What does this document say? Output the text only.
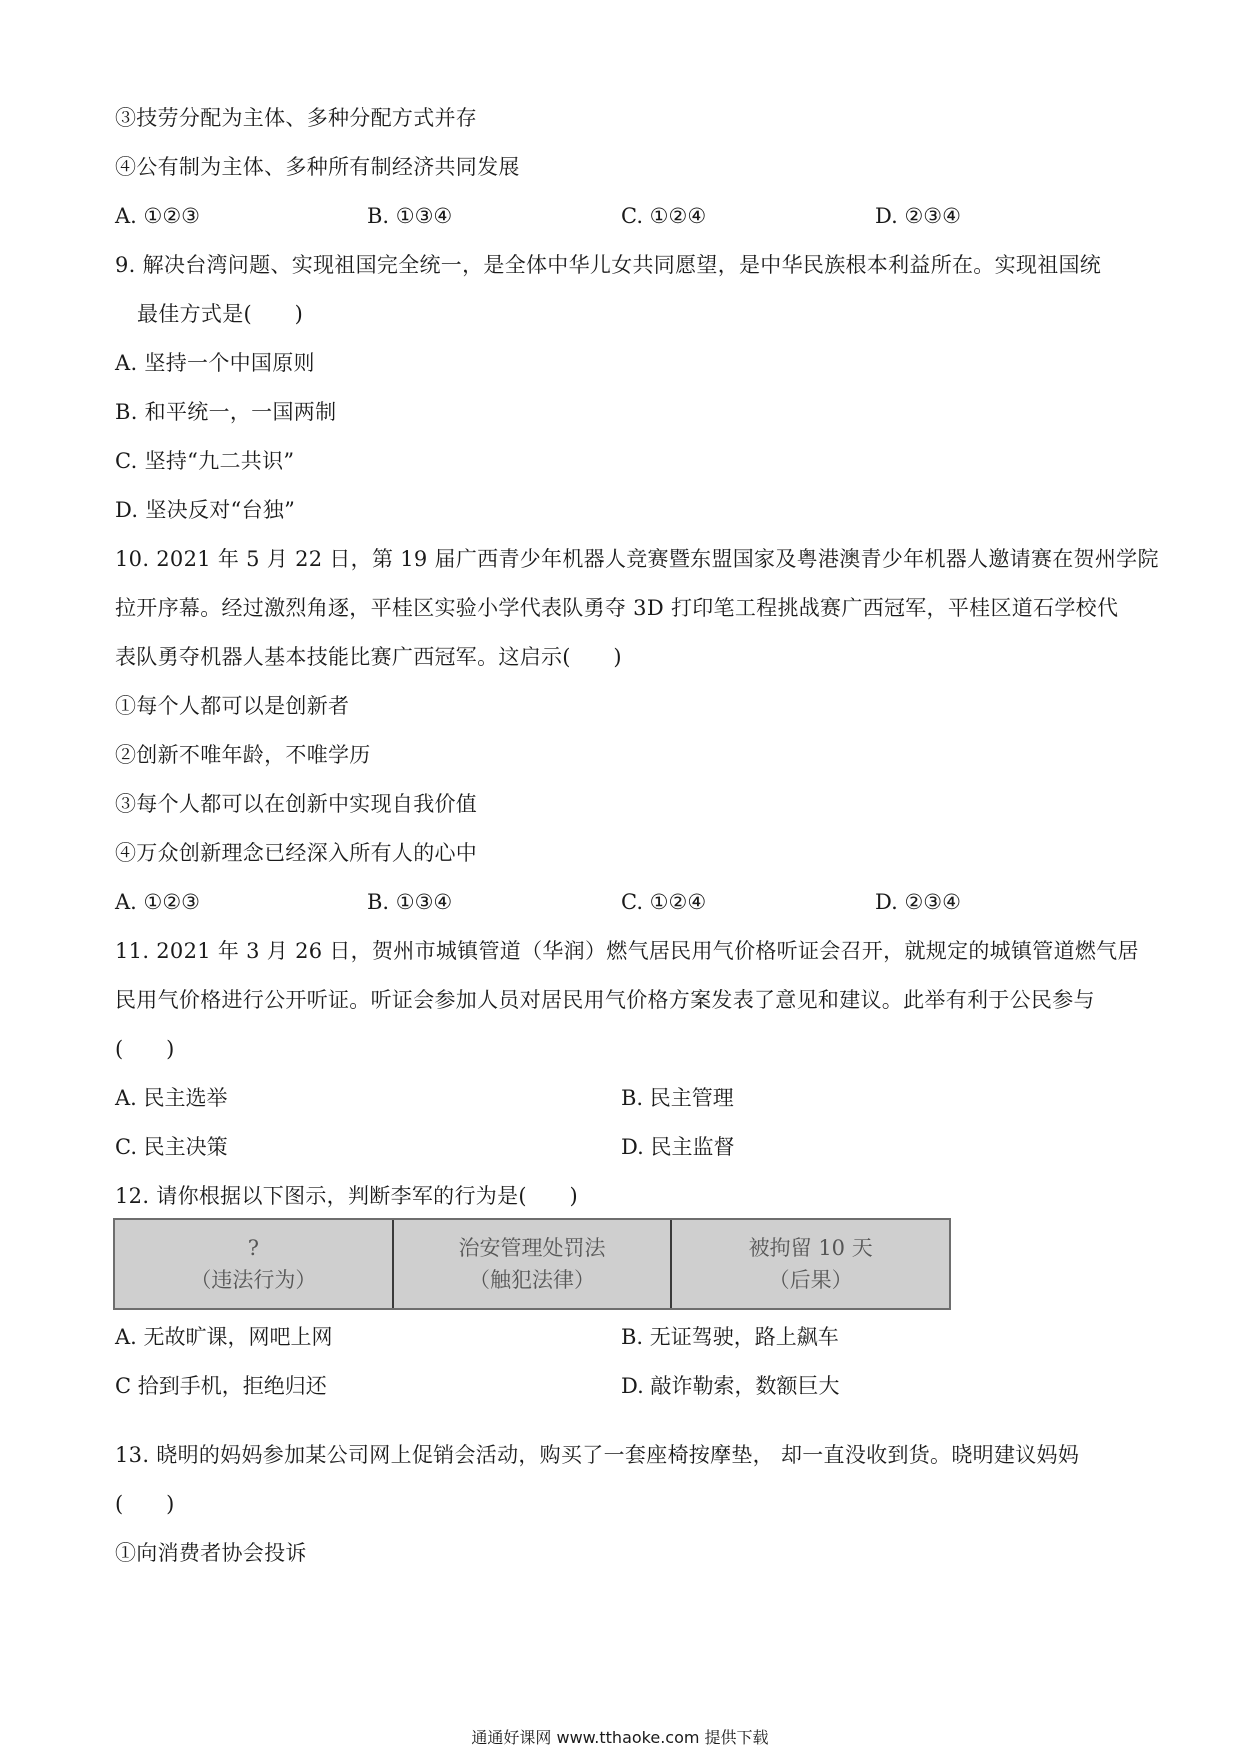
③技劳分配为主体、多种分配方式并存
④公有制为主体、多种所有制经济共同发展
A. ①②③	B. ①③④	C. ①②④	D. ②③④
9. 解决台湾问题、实现祖国完全统一，是全体中华儿女共同愿望，是中华民族根本利益所在。实现祖国统
最佳方式是(　　)
A. 坚持一个中国原则
B. 和平统一，一国两制
C. 坚持“九二共识”
D. 坚决反对“台独”
10. 2021 年 5 月 22 日，第 19 届广西青少年机器人竞赛暨东盟国家及粤港澳青少年机器人邀请赛在贺州学院
拉开序幕。经过激烈角逐，平桂区实验小学代表队勇夺 3D 打印笔工程挑战赛广西冠军，平桂区道石学校代
表队勇夺机器人基本技能比赛广西冠军。这启示(　　)
①每个人都可以是创新者
②创新不唯年龄，不唯学历
③每个人都可以在创新中实现自我价值
④万众创新理念已经深入所有人的心中
A. ①②③	B. ①③④	C. ①②④	D. ②③④
11. 2021 年 3 月 26 日，贺州市城镇管道（华润）燃气居民用气价格听证会召开，就规定的城镇管道燃气居
民用气价格进行公开听证。听证会参加人员对居民用气价格方案发表了意见和建议。此举有利于公民参与
(　　)
A. 民主选举	B. 民主管理
C. 民主决策	D. 民主监督
12. 请你根据以下图示，判断李军的行为是(　　)
?
（违法行为）
治安管理处罚法
（触犯法律）
被拘留 10 天
（后果）
A. 无故旷课，网吧上网	B. 无证驾驶，路上飙车
C 拾到手机，拒绝归还	D. 敲诈勒索，数额巨大
13. 晓明的妈妈参加某公司网上促销会活动，购买了一套座椅按摩垫， 却一直没收到货。晓明建议妈妈
(　　)
①向消费者协会投诉
通通好课网 www.tthaoke.com 提供下载
